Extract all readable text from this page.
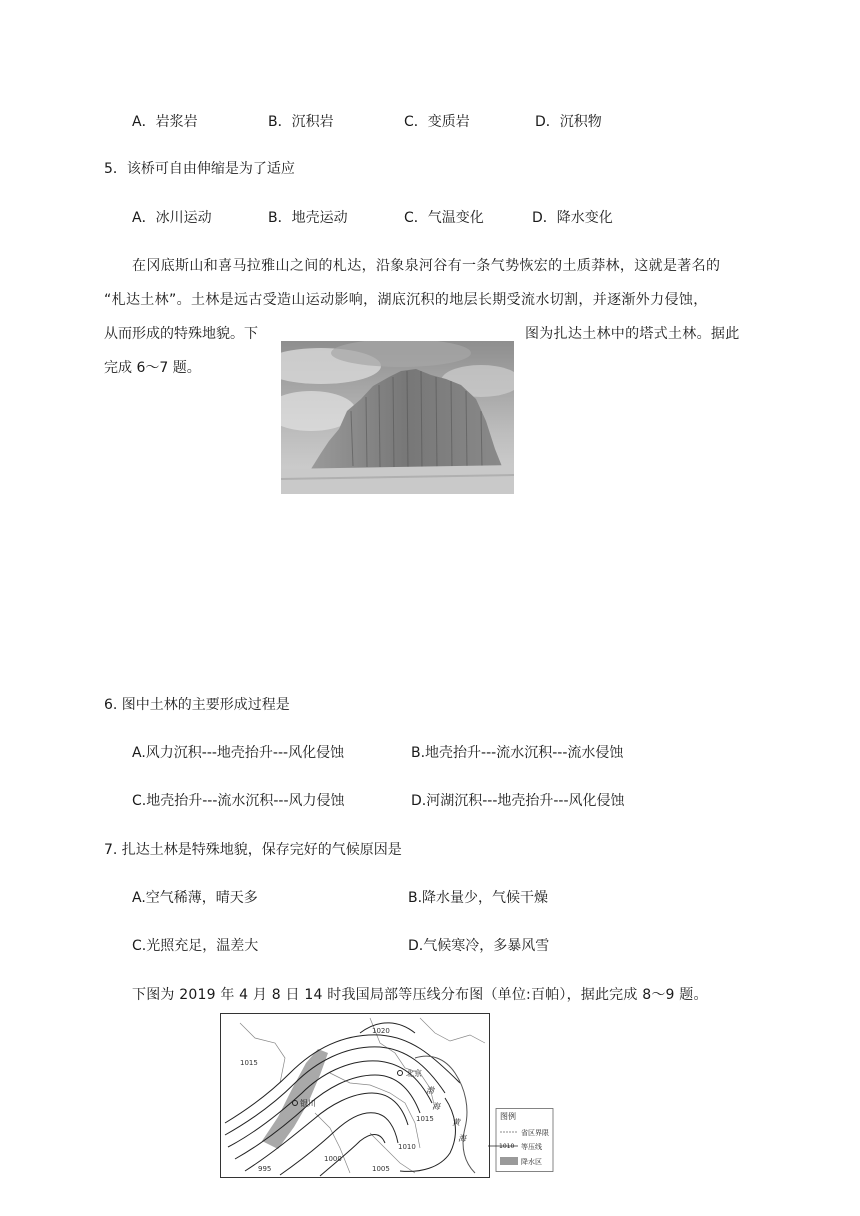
A．岩浆岩	B．沉积岩	C．变质岩	D．沉积物
5．该桥可自由伸缩是为了适应
A．冰川运动	B．地壳运动	C．气温变化	D．降水变化
在冈底斯山和喜马拉雅山之间的札达，沿象泉河谷有一条气势恢宏的土质莽林，这就是著名的
“札达土林”。土林是远古受造山运动影响，湖底沉积的地层长期受流水切割，并逐渐外力侵蚀，
从而形成的特殊地貌。下	图为扎达土林中的塔式土林。据此
完成 6～7 题。
6. 图中土林的主要形成过程是
A.风力沉积---地壳抬升---风化侵蚀	B.地壳抬升---流水沉积---流水侵蚀
C.地壳抬升---流水沉积---风力侵蚀	D.河湖沉积---地壳抬升---风化侵蚀
7. 扎达土林是特殊地貌，保存完好的气候原因是
A.空气稀薄，晴天多	B.降水量少，气候干燥
C.光照充足，温差大	D.气候寒冷，多暴风雪
下图为 2019 年 4 月 8 日 14 时我国局部等压线分布图（单位:百帕），据此完成 8～9 题。
北京
银川
渤
海
黄
海
1020
1015
1015
1010
1005
1000
995
图例
省区界限
1010 等压线
降水区
